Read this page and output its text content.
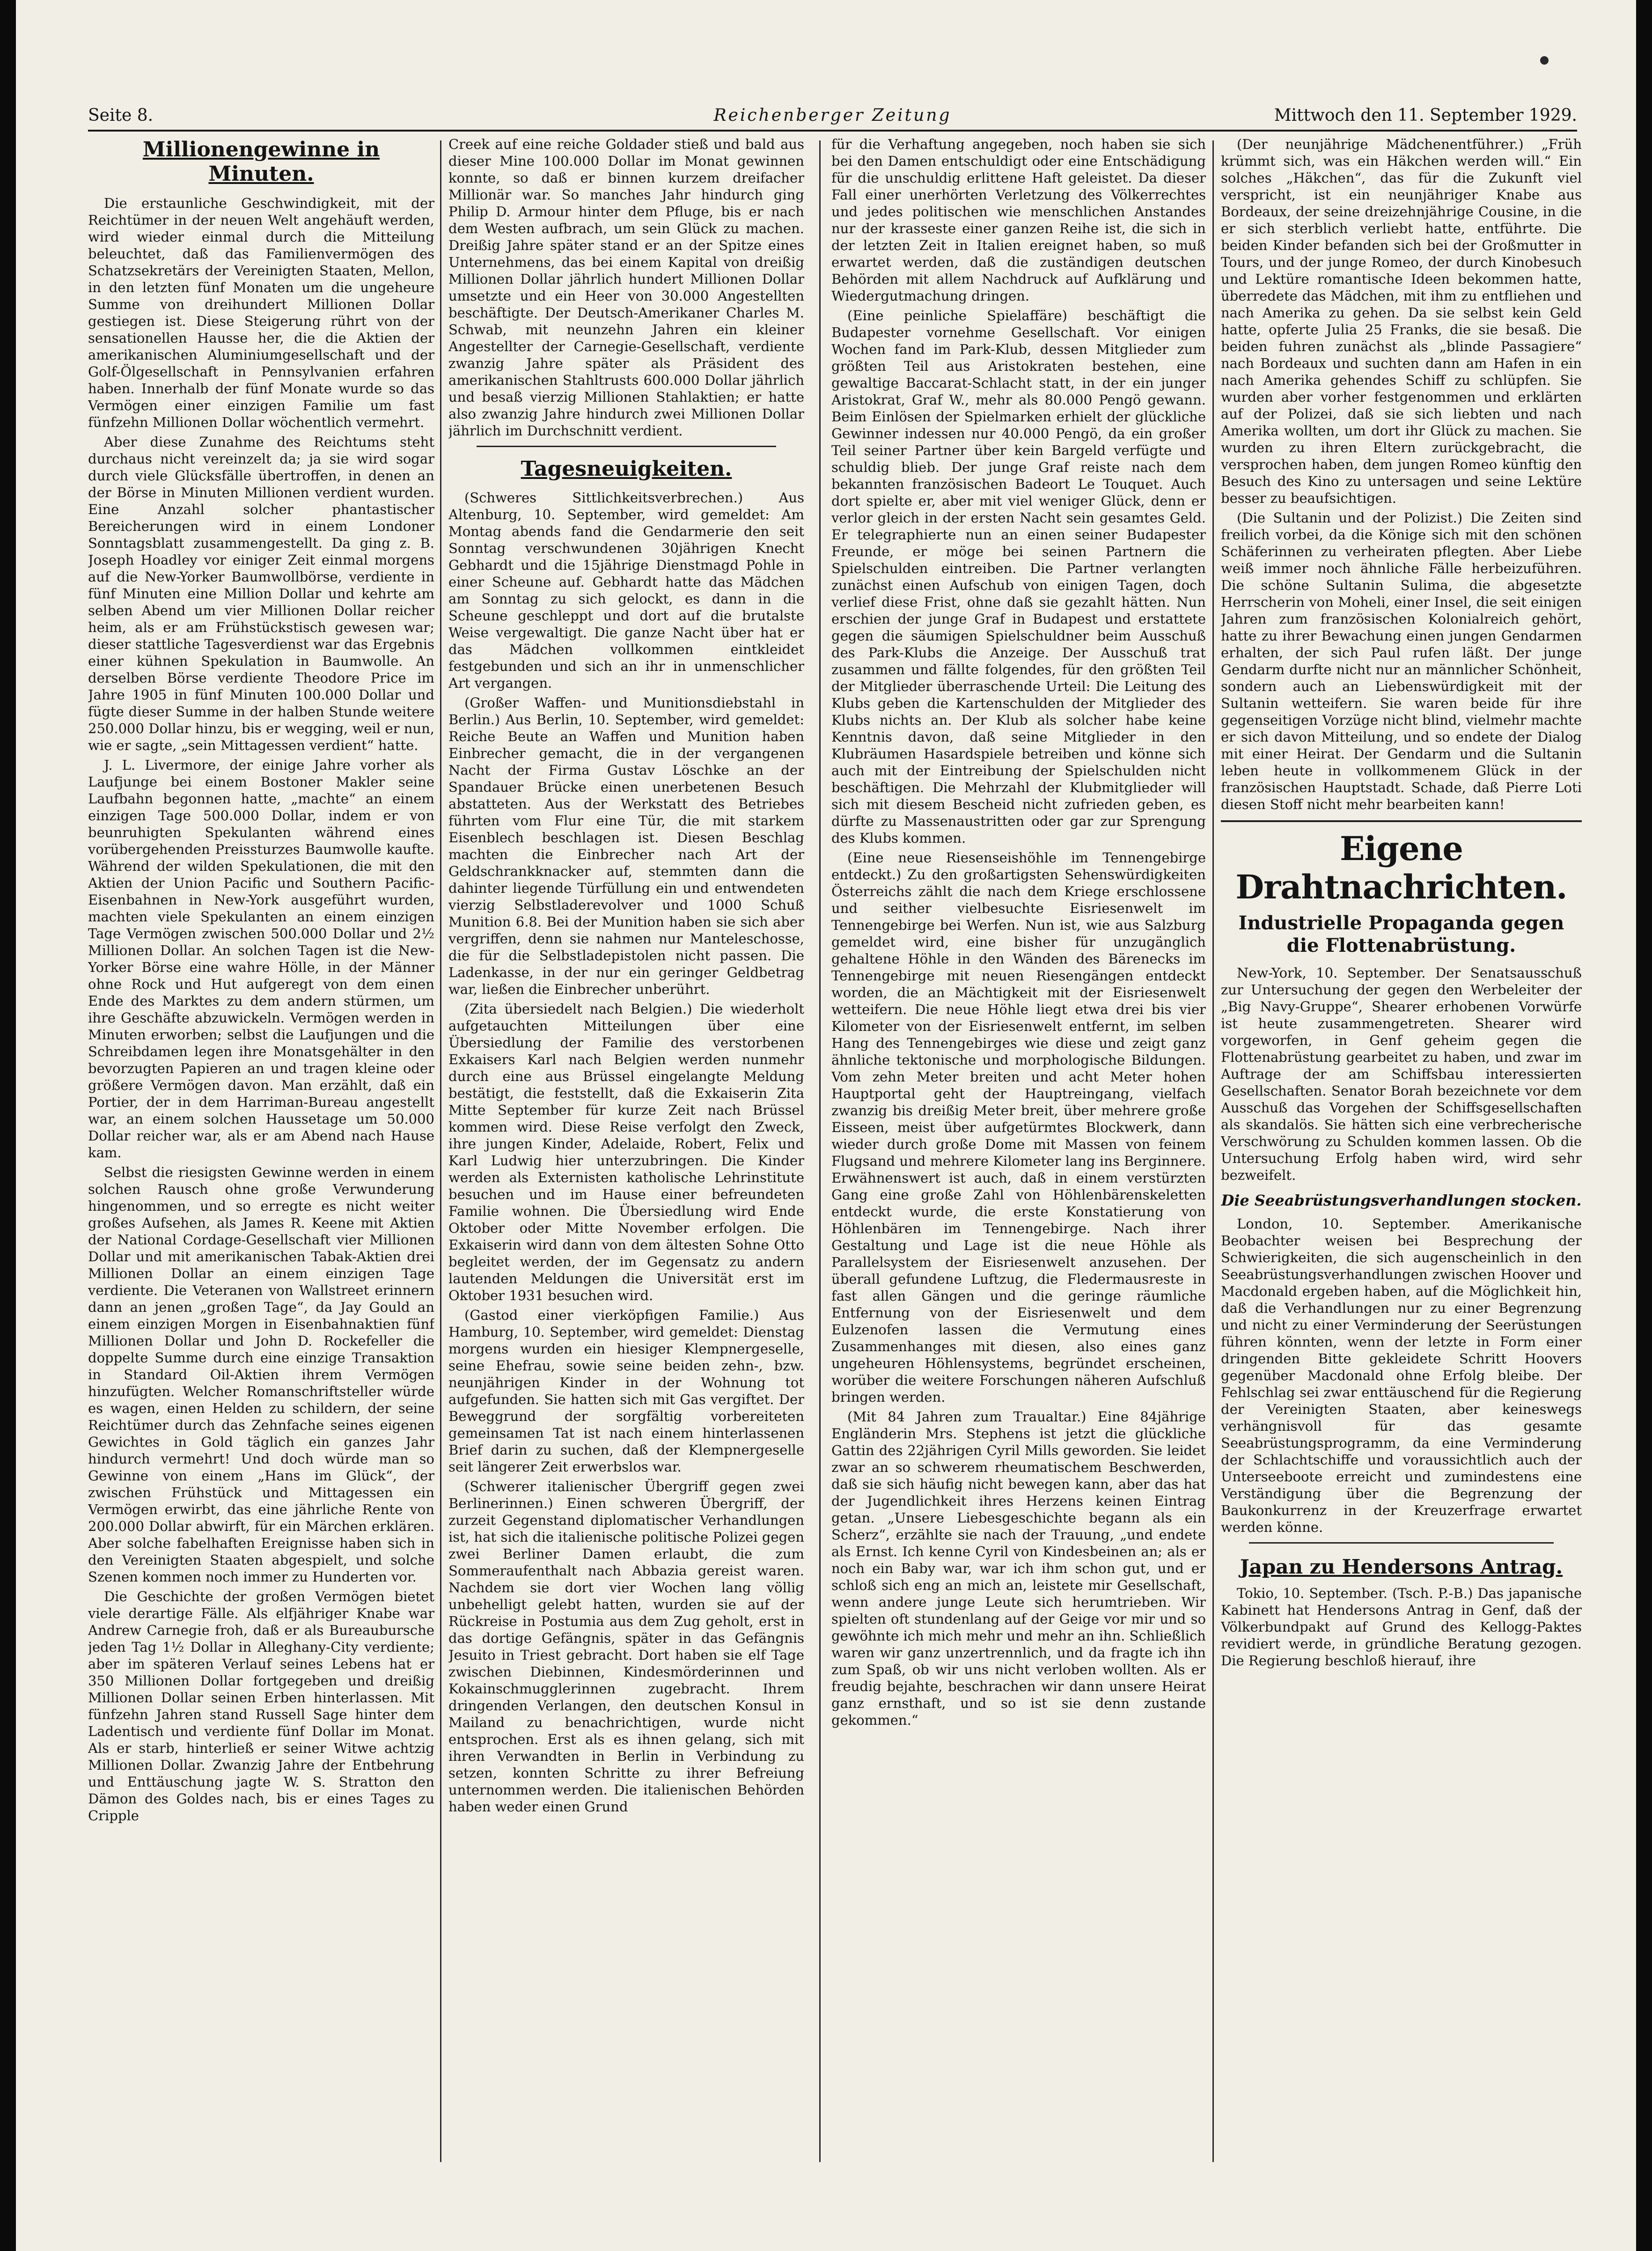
Seite 8.	Reichenberger Zeitung	Mittwoch den 11. September 1929.
Millionengewinne in Minuten.

Die erstaunliche Geschwindigkeit, mit der Reichtümer in der neuen Welt angehäuft werden, wird wieder einmal durch die Mitteilung beleuchtet, daß das Familienvermögen des Schatzsekretärs der Vereinigten Staaten, Mellon, in den letzten fünf Monaten um die ungeheure Summe von dreihundert Millionen Dollar gestiegen ist. Diese Steigerung rührt von der sensationellen Hausse her, die die Aktien der amerikanischen Aluminiumgesellschaft und der Golf-Ölgesellschaft in Pennsylvanien erfahren haben. Innerhalb der fünf Monate wurde so das Vermögen einer einzigen Familie um fast fünfzehn Millionen Dollar wöchentlich vermehrt.

Aber diese Zunahme des Reichtums steht durchaus nicht vereinzelt da; ja sie wird sogar durch viele Glücksfälle übertroffen, in denen an der Börse in Minuten Millionen verdient wurden. Eine Anzahl solcher phantastischer Bereicherungen wird in einem Londoner Sonntagsblatt zusammengestellt. Da ging z. B. Joseph Hoadley vor einiger Zeit einmal morgens auf die New-Yorker Baumwollbörse, verdiente in fünf Minuten eine Million Dollar und kehrte am selben Abend um vier Millionen Dollar reicher heim, als er am Frühstückstisch gewesen war; dieser stattliche Tagesverdienst war das Ergebnis einer kühnen Spekulation in Baumwolle. An derselben Börse verdiente Theodore Price im Jahre 1905 in fünf Minuten 100.000 Dollar und fügte dieser Summe in der halben Stunde weitere 250.000 Dollar hinzu, bis er wegging, weil er nun, wie er sagte, „sein Mittagessen verdient“ hatte.

J. L. Livermore, der einige Jahre vorher als Laufjunge bei einem Bostoner Makler seine Laufbahn begonnen hatte, „machte“ an einem einzigen Tage 500.000 Dollar, indem er von beunruhigten Spekulanten während eines vorübergehenden Preissturzes Baumwolle kaufte. Während der wilden Spekulationen, die mit den Aktien der Union Pacific und Southern Pacific-Eisenbahnen in New-York ausgeführt wurden, machten viele Spekulanten an einem einzigen Tage Vermögen zwischen 500.000 Dollar und 2½ Millionen Dollar. An solchen Tagen ist die New-Yorker Börse eine wahre Hölle, in der Männer ohne Rock und Hut aufgeregt von dem einen Ende des Marktes zu dem andern stürmen, um ihre Geschäfte abzuwickeln. Vermögen werden in Minuten erworben; selbst die Laufjungen und die Schreibdamen legen ihre Monatsgehälter in den bevorzugten Papieren an und tragen kleine oder größere Vermögen davon. Man erzählt, daß ein Portier, der in dem Harriman-Bureau angestellt war, an einem solchen Haussetage um 50.000 Dollar reicher war, als er am Abend nach Hause kam.

Selbst die riesigsten Gewinne werden in einem solchen Rausch ohne große Verwunderung hingenommen, und so erregte es nicht weiter großes Aufsehen, als James R. Keene mit Aktien der National Cordage-Gesellschaft vier Millionen Dollar und mit amerikanischen Tabak-Aktien drei Millionen Dollar an einem einzigen Tage verdiente. Die Veteranen von Wallstreet erinnern dann an jenen „großen Tage“, da Jay Gould an einem einzigen Morgen in Eisenbahnaktien fünf Millionen Dollar und John D. Rockefeller die doppelte Summe durch eine einzige Transaktion in Standard Oil-Aktien ihrem Vermögen hinzufügten. Welcher Romanschriftsteller würde es wagen, einen Helden zu schildern, der seine Reichtümer durch das Zehnfache seines eigenen Gewichtes in Gold täglich ein ganzes Jahr hindurch vermehrt! Und doch würde man so Gewinne von einem „Hans im Glück“, der zwischen Frühstück und Mittagessen ein Vermögen erwirbt, das eine jährliche Rente von 200.000 Dollar abwirft, für ein Märchen erklären. Aber solche fabelhaften Ereignisse haben sich in den Vereinigten Staaten abgespielt, und solche Szenen kommen noch immer zu Hunderten vor.

Die Geschichte der großen Vermögen bietet viele derartige Fälle. Als elfjähriger Knabe war Andrew Carnegie froh, daß er als Bureaubursche jeden Tag 1½ Dollar in Alleghany-City verdiente; aber im späteren Verlauf seines Lebens hat er 350 Millionen Dollar fortgegeben und dreißig Millionen Dollar seinen Erben hinterlassen. Mit fünfzehn Jahren stand Russell Sage hinter dem Ladentisch und verdiente fünf Dollar im Monat. Als er starb, hinterließ er seiner Witwe achtzig Millionen Dollar. Zwanzig Jahre der Entbehrung und Enttäuschung jagte W. S. Stratton den Dämon des Goldes nach, bis er eines Tages zu Cripple

Creek auf eine reiche Goldader stieß und bald aus dieser Mine 100.000 Dollar im Monat gewinnen konnte, so daß er binnen kurzem dreifacher Millionär war. So manches Jahr hindurch ging Philip D. Armour hinter dem Pfluge, bis er nach dem Westen aufbrach, um sein Glück zu machen. Dreißig Jahre später stand er an der Spitze eines Unternehmens, das bei einem Kapital von dreißig Millionen Dollar jährlich hundert Millionen Dollar umsetzte und ein Heer von 30.000 Angestellten beschäftigte. Der Deutsch-Amerikaner Charles M. Schwab, mit neunzehn Jahren ein kleiner Angestellter der Carnegie-Gesellschaft, verdiente zwanzig Jahre später als Präsident des amerikanischen Stahltrusts 600.000 Dollar jährlich und besaß vierzig Millionen Stahlaktien; er hatte also zwanzig Jahre hindurch zwei Millionen Dollar jährlich im Durchschnitt verdient.

Tagesneuigkeiten.

(Schweres Sittlichkeitsverbrechen.) Aus Altenburg, 10. September, wird gemeldet: Am Montag abends fand die Gendarmerie den seit Sonntag verschwundenen 30jährigen Knecht Gebhardt und die 15jährige Dienstmagd Pohle in einer Scheune auf. Gebhardt hatte das Mädchen am Sonntag zu sich gelockt, es dann in die Scheune geschleppt und dort auf die brutalste Weise vergewaltigt. Die ganze Nacht über hat er das Mädchen vollkommen eintkleidet festgebunden und sich an ihr in unmenschlicher Art vergangen.

(Großer Waffen- und Munitionsdiebstahl in Berlin.) Aus Berlin, 10. September, wird gemeldet: Reiche Beute an Waffen und Munition haben Einbrecher gemacht, die in der vergangenen Nacht der Firma Gustav Löschke an der Spandauer Brücke einen unerbetenen Besuch abstatteten. Aus der Werkstatt des Betriebes führten vom Flur eine Tür, die mit starkem Eisenblech beschlagen ist. Diesen Beschlag machten die Einbrecher nach Art der Geldschrankknacker auf, stemmten dann die dahinter liegende Türfüllung ein und entwendeten vierzig Selbstladerevolver und 1000 Schuß Munition 6.8. Bei der Munition haben sie sich aber vergriffen, denn sie nahmen nur Manteleschosse, die für die Selbstladepistolen nicht passen. Die Ladenkasse, in der nur ein geringer Geldbetrag war, ließen die Einbrecher unberührt.

(Zita übersiedelt nach Belgien.) Die wiederholt aufgetauchten Mitteilungen über eine Übersiedlung der Familie des verstorbenen Exkaisers Karl nach Belgien werden nunmehr durch eine aus Brüssel eingelangte Meldung bestätigt, die feststellt, daß die Exkaiserin Zita Mitte September für kurze Zeit nach Brüssel kommen wird. Diese Reise verfolgt den Zweck, ihre jungen Kinder, Adelaide, Robert, Felix und Karl Ludwig hier unterzubringen. Die Kinder werden als Externisten katholische Lehrinstitute besuchen und im Hause einer befreundeten Familie wohnen. Die Übersiedlung wird Ende Oktober oder Mitte November erfolgen. Die Exkaiserin wird dann von dem ältesten Sohne Otto begleitet werden, der im Gegensatz zu andern lautenden Meldungen die Universität erst im Oktober 1931 besuchen wird.

(Gastod einer vierköpfigen Familie.) Aus Hamburg, 10. September, wird gemeldet: Dienstag morgens wurden ein hiesiger Klempnergeselle, seine Ehefrau, sowie seine beiden zehn-, bzw. neunjährigen Kinder in der Wohnung tot aufgefunden. Sie hatten sich mit Gas vergiftet. Der Beweggrund der sorgfältig vorbereiteten gemeinsamen Tat ist nach einem hinterlassenen Brief darin zu suchen, daß der Klempnergeselle seit längerer Zeit erwerbslos war.

(Schwerer italienischer Übergriff gegen zwei Berlinerinnen.) Einen schweren Übergriff, der zurzeit Gegenstand diplomatischer Verhandlungen ist, hat sich die italienische politische Polizei gegen zwei Berliner Damen erlaubt, die zum Sommeraufenthalt nach Abbazia gereist waren. Nachdem sie dort vier Wochen lang völlig unbehelligt gelebt hatten, wurden sie auf der Rückreise in Postumia aus dem Zug geholt, erst in das dortige Gefängnis, später in das Gefängnis Jesuito in Triest gebracht. Dort haben sie elf Tage zwischen Diebinnen, Kindesmörderinnen und Kokainschmugglerinnen zugebracht. Ihrem dringenden Verlangen, den deutschen Konsul in Mailand zu benachrichtigen, wurde nicht entsprochen. Erst als es ihnen gelang, sich mit ihren Verwandten in Berlin in Verbindung zu setzen, konnten Schritte zu ihrer Befreiung unternommen werden. Die italienischen Behörden haben weder einen Grund

für die Verhaftung angegeben, noch haben sie sich bei den Damen entschuldigt oder eine Entschädigung für die unschuldig erlittene Haft geleistet. Da dieser Fall einer unerhörten Verletzung des Völkerrechtes und jedes politischen wie menschlichen Anstandes nur der krasseste einer ganzen Reihe ist, die sich in der letzten Zeit in Italien ereignet haben, so muß erwartet werden, daß die zuständigen deutschen Behörden mit allem Nachdruck auf Aufklärung und Wiedergutmachung dringen.

(Eine peinliche Spielaffäre) beschäftigt die Budapester vornehme Gesellschaft. Vor einigen Wochen fand im Park-Klub, dessen Mitglieder zum größten Teil aus Aristokraten bestehen, eine gewaltige Baccarat-Schlacht statt, in der ein junger Aristokrat, Graf W., mehr als 80.000 Pengö gewann. Beim Einlösen der Spielmarken erhielt der glückliche Gewinner indessen nur 40.000 Pengö, da ein großer Teil seiner Partner über kein Bargeld verfügte und schuldig blieb. Der junge Graf reiste nach dem bekannten französischen Badeort Le Touquet. Auch dort spielte er, aber mit viel weniger Glück, denn er verlor gleich in der ersten Nacht sein gesamtes Geld. Er telegraphierte nun an einen seiner Budapester Freunde, er möge bei seinen Partnern die Spielschulden eintreiben. Die Partner verlangten zunächst einen Aufschub von einigen Tagen, doch verlief diese Frist, ohne daß sie gezahlt hätten. Nun erschien der junge Graf in Budapest und erstattete gegen die säumigen Spielschuldner beim Ausschuß des Park-Klubs die Anzeige. Der Ausschuß trat zusammen und fällte folgendes, für den größten Teil der Mitglieder überraschende Urteil: Die Leitung des Klubs geben die Kartenschulden der Mitglieder des Klubs nichts an. Der Klub als solcher habe keine Kenntnis davon, daß seine Mitglieder in den Klubräumen Hasardspiele betreiben und könne sich auch mit der Eintreibung der Spielschulden nicht beschäftigen. Die Mehrzahl der Klubmitglieder will sich mit diesem Bescheid nicht zufrieden geben, es dürfte zu Massenaustritten oder gar zur Sprengung des Klubs kommen.

(Eine neue Riesenseishöhle im Tennengebirge entdeckt.) Zu den großartigsten Sehenswürdigkeiten Österreichs zählt die nach dem Kriege erschlossene und seither vielbesuchte Eisriesenwelt im Tennengebirge bei Werfen. Nun ist, wie aus Salzburg gemeldet wird, eine bisher für unzugänglich gehaltene Höhle in den Wänden des Bärenecks im Tennengebirge mit neuen Riesengängen entdeckt worden, die an Mächtigkeit mit der Eisriesenwelt wetteifern. Die neue Höhle liegt etwa drei bis vier Kilometer von der Eisriesenwelt entfernt, im selben Hang des Tennengebirges wie diese und zeigt ganz ähnliche tektonische und morphologische Bildungen. Vom zehn Meter breiten und acht Meter hohen Hauptportal geht der Hauptreingang, vielfach zwanzig bis dreißig Meter breit, über mehrere große Eisseen, meist über aufgetürmtes Blockwerk, dann wieder durch große Dome mit Massen von feinem Flugsand und mehrere Kilometer lang ins Berginnere. Erwähnenswert ist auch, daß in einem verstürzten Gang eine große Zahl von Höhlenbärenskeletten entdeckt wurde, die erste Konstatierung von Höhlenbären im Tennengebirge. Nach ihrer Gestaltung und Lage ist die neue Höhle als Parallelsystem der Eisriesenwelt anzusehen. Der überall gefundene Luftzug, die Fledermausreste in fast allen Gängen und die geringe räumliche Entfernung von der Eisriesenwelt und dem Eulzenofen lassen die Vermutung eines Zusammenhanges mit diesen, also eines ganz ungeheuren Höhlensystems, begründet erscheinen, worüber die weitere Forschungen näheren Aufschluß bringen werden.

(Mit 84 Jahren zum Traualtar.) Eine 84jährige Engländerin Mrs. Stephens ist jetzt die glückliche Gattin des 22jährigen Cyril Mills geworden. Sie leidet zwar an so schwerem rheumatischem Beschwerden, daß sie sich häufig nicht bewegen kann, aber das hat der Jugendlichkeit ihres Herzens keinen Eintrag getan. „Unsere Liebesgeschichte begann als ein Scherz“, erzählte sie nach der Trauung, „und endete als Ernst. Ich kenne Cyril von Kindesbeinen an; als er noch ein Baby war, war ich ihm schon gut, und er schloß sich eng an mich an, leistete mir Gesellschaft, wenn andere junge Leute sich herumtrieben. Wir spielten oft stundenlang auf der Geige vor mir und so gewöhnte ich mich mehr und mehr an ihn. Schließlich waren wir ganz unzertrennlich, und da fragte ich ihn zum Spaß, ob wir uns nicht verloben wollten. Als er freudig bejahte, beschrachen wir dann unsere Heirat ganz ernsthaft, und so ist sie denn zustande gekommen.“

(Der neunjährige Mädchenentführer.) „Früh krümmt sich, was ein Häkchen werden will.“ Ein solches „Häkchen“, das für die Zukunft viel verspricht, ist ein neunjähriger Knabe aus Bordeaux, der seine dreizehnjährige Cousine, in die er sich sterblich verliebt hatte, entführte. Die beiden Kinder befanden sich bei der Großmutter in Tours, und der junge Romeo, der durch Kinobesuch und Lektüre romantische Ideen bekommen hatte, überredete das Mädchen, mit ihm zu entfliehen und nach Amerika zu gehen. Da sie selbst kein Geld hatte, opferte Julia 25 Franks, die sie besaß. Die beiden fuhren zunächst als „blinde Passagiere“ nach Bordeaux und suchten dann am Hafen in ein nach Amerika gehendes Schiff zu schlüpfen. Sie wurden aber vorher festgenommen und erklärten auf der Polizei, daß sie sich liebten und nach Amerika wollten, um dort ihr Glück zu machen. Sie wurden zu ihren Eltern zurückgebracht, die versprochen haben, dem jungen Romeo künftig den Besuch des Kino zu untersagen und seine Lektüre besser zu beaufsichtigen.

(Die Sultanin und der Polizist.) Die Zeiten sind freilich vorbei, da die Könige sich mit den schönen Schäferinnen zu verheiraten pflegten. Aber Liebe weiß immer noch ähnliche Fälle herbeizuführen. Die schöne Sultanin Sulima, die abgesetzte Herrscherin von Moheli, einer Insel, die seit einigen Jahren zum französischen Kolonialreich gehört, hatte zu ihrer Bewachung einen jungen Gendarmen erhalten, der sich Paul rufen läßt. Der junge Gendarm durfte nicht nur an männlicher Schönheit, sondern auch an Liebenswürdigkeit mit der Sultanin wetteifern. Sie waren beide für ihre gegenseitigen Vorzüge nicht blind, vielmehr machte er sich davon Mitteilung, und so endete der Dialog mit einer Heirat. Der Gendarm und die Sultanin leben heute in vollkommenem Glück in der französischen Hauptstadt. Schade, daß Pierre Loti diesen Stoff nicht mehr bearbeiten kann!

Eigene Drahtnachrichten.
Industrielle Propaganda gegen die Flottenabrüstung.

New-York, 10. September. Der Senatsausschuß zur Untersuchung der gegen den Werbeleiter der „Big Navy-Gruppe“, Shearer erhobenen Vorwürfe ist heute zusammengetreten. Shearer wird vorgeworfen, in Genf geheim gegen die Flottenabrüstung gearbeitet zu haben, und zwar im Auftrage der am Schiffsbau interessierten Gesellschaften. Senator Borah bezeichnete vor dem Ausschuß das Vorgehen der Schiffsgesellschaften als skandalös. Sie hätten sich eine verbrecherische Verschwörung zu Schulden kommen lassen. Ob die Untersuchung Erfolg haben wird, wird sehr bezweifelt.

Die Seeabrüstungsverhandlungen stocken.

London, 10. September. Amerikanische Beobachter weisen bei Besprechung der Schwierigkeiten, die sich augenscheinlich in den Seeabrüstungsverhandlungen zwischen Hoover und Macdonald ergeben haben, auf die Möglichkeit hin, daß die Verhandlungen nur zu einer Begrenzung und nicht zu einer Verminderung der Seerüstungen führen könnten, wenn der letzte in Form einer dringenden Bitte gekleidete Schritt Hoovers gegenüber Macdonald ohne Erfolg bleibe. Der Fehlschlag sei zwar enttäuschend für die Regierung der Vereinigten Staaten, aber keineswegs verhängnisvoll für das gesamte Seeabrüstungsprogramm, da eine Verminderung der Schlachtschiffe und voraussichtlich auch der Unterseeboote erreicht und zumindestens eine Verständigung über die Begrenzung der Baukonkurrenz in der Kreuzerfrage erwartet werden könne.

Japan zu Hendersons Antrag.

Tokio, 10. September. (Tsch. P.-B.) Das japanische Kabinett hat Hendersons Antrag in Genf, daß der Völkerbundpakt auf Grund des Kellogg-Paktes revidiert werde, in gründliche Beratung gezogen. Die Regierung beschloß hierauf, ihre
